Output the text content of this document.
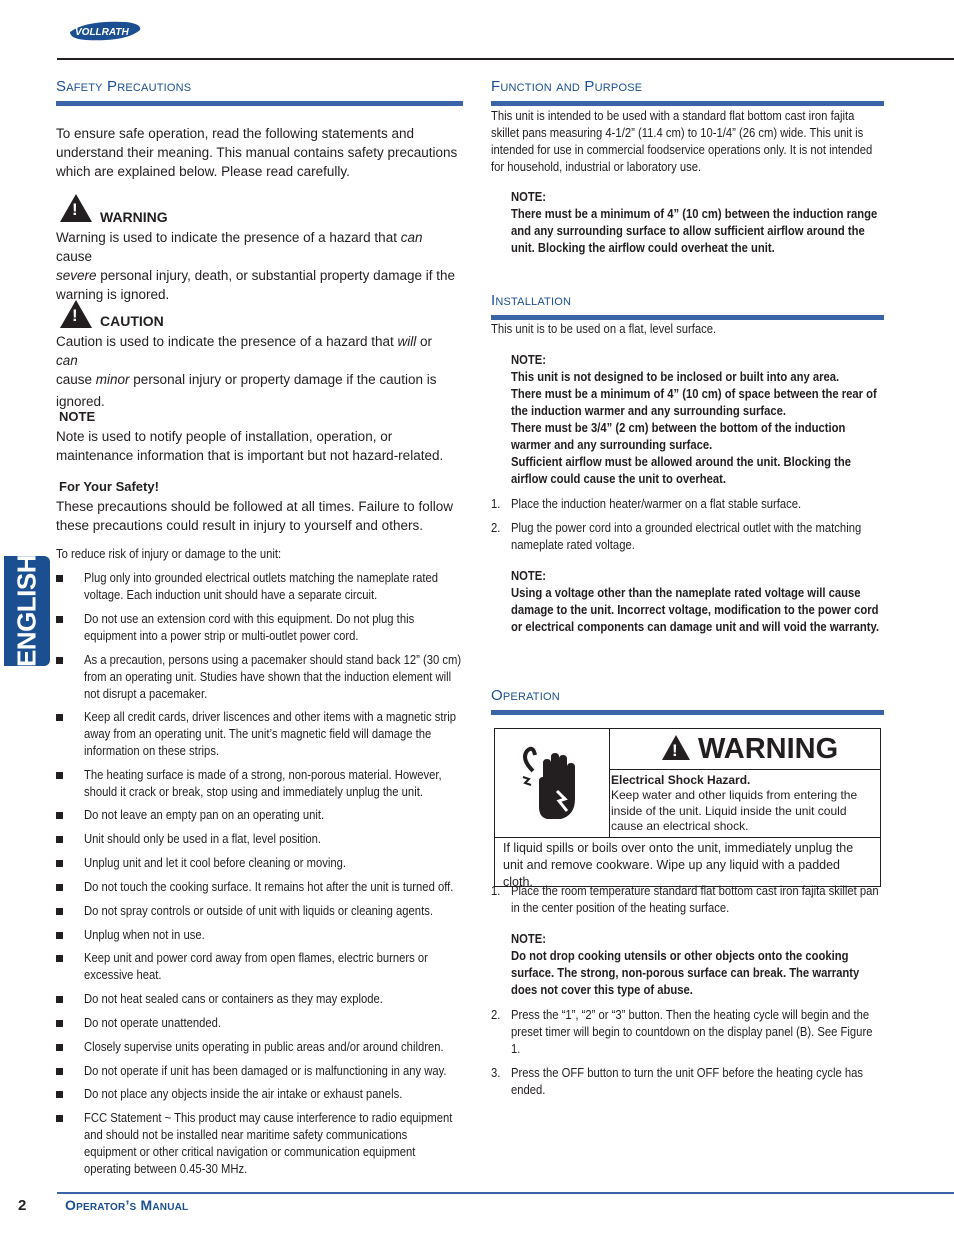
VOLLRATH
ENGLISH
Safety Precautions
To ensure safe operation, read the following statements and understand their meaning. This manual contains safety precautions which are explained below. Please read carefully.
!
WARNING
Warning is used to indicate the presence of a hazard that can cause
severe personal injury, death, or substantial property damage if the warning is ignored.
!
CAUTION
Caution is used to indicate the presence of a hazard that will or can
cause minor personal injury or property damage if the caution is
ignored.
NOTE
Note is used to notify people of installation, operation, or maintenance information that is important but not hazard-related.
For Your Safety!
These precautions should be followed at all times. Failure to follow these precautions could result in injury to yourself and others.
To reduce risk of injury or damage to the unit:
Plug only into grounded electrical outlets matching the nameplate rated voltage. Each induction unit should have a separate circuit.
Do not use an extension cord with this equipment. Do not plug this equipment into a power strip or multi-outlet power cord.
As a precaution, persons using a pacemaker should stand back 12” (30 cm) from an operating unit. Studies have shown that the induction element will not disrupt a pacemaker.
Keep all credit cards, driver liscences and other items with a magnetic strip away from an operating unit. The unit’s magnetic field will damage the information on these strips.
The heating surface is made of a strong, non-porous material. However, should it crack or break, stop using and immediately unplug the unit.
Do not leave an empty pan on an operating unit.
Unit should only be used in a flat, level position.
Unplug unit and let it cool before cleaning or moving.
Do not touch the cooking surface. It remains hot after the unit is turned off.
Do not spray controls or outside of unit with liquids or cleaning agents.
Unplug when not in use.
Keep unit and power cord away from open flames, electric burners or excessive heat.
Do not heat sealed cans or containers as they may explode.
Do not operate unattended.
Closely supervise units operating in public areas and/or around children.
Do not operate if unit has been damaged or is malfunctioning in any way.
Do not place any objects inside the air intake or exhaust panels.
FCC Statement ~ This product may cause interference to radio equipment and should not be installed near maritime safety communications equipment or other critical navigation or communication equipment operating between 0.45-30 MHz.
Function and Purpose
This unit is intended to be used with a standard flat bottom cast iron fajita skillet pans measuring 4-1/2” (11.4 cm) to 10-1/4” (26 cm) wide. This unit is intended for use in commercial foodservice operations only. It is not intended for household, industrial or laboratory use.
NOTE:
There must be a minimum of 4” (10 cm) between the induction range and any surrounding surface to allow sufficient airflow around the unit. Blocking the airflow could overheat the unit.
Installation
This unit is to be used on a flat, level surface.
NOTE:
This unit is not designed to be inclosed or built into any area.
There must be a minimum of 4” (10 cm) of space between the rear of the induction warmer and any surrounding surface.
There must be 3/4” (2 cm) between the bottom of the induction warmer and any surrounding surface.
Sufficient airflow must be allowed around the unit. Blocking the airflow could cause the unit to overheat.
1. Place the induction heater/warmer on a flat stable surface.
2. Plug the power cord into a grounded electrical outlet with the matching nameplate rated voltage.
NOTE:
Using a voltage other than the nameplate rated voltage will cause damage to the unit. Incorrect voltage, modification to the power cord or electrical components can damage unit and will void the warranty.
Operation
!
WARNING
Electrical Shock Hazard.
Keep water and other liquids from entering the inside of the unit. Liquid inside the unit could cause an electrical shock.
If liquid spills or boils over onto the unit, immediately unplug the unit and remove cookware. Wipe up any liquid with a padded cloth.
1. Place the room temperature standard flat bottom cast iron fajita skillet pan in the center position of the heating surface.
NOTE:
Do not drop cooking utensils or other objects onto the cooking surface. The strong, non-porous surface can break. The warranty does not cover this type of abuse.
2. Press the “1”, “2” or “3” button. Then the heating cycle will begin and the preset timer will begin to countdown on the display panel (B). See Figure 1.
3. Press the OFF button to turn the unit OFF before the heating cycle has ended.
2	Operator’s Manual
